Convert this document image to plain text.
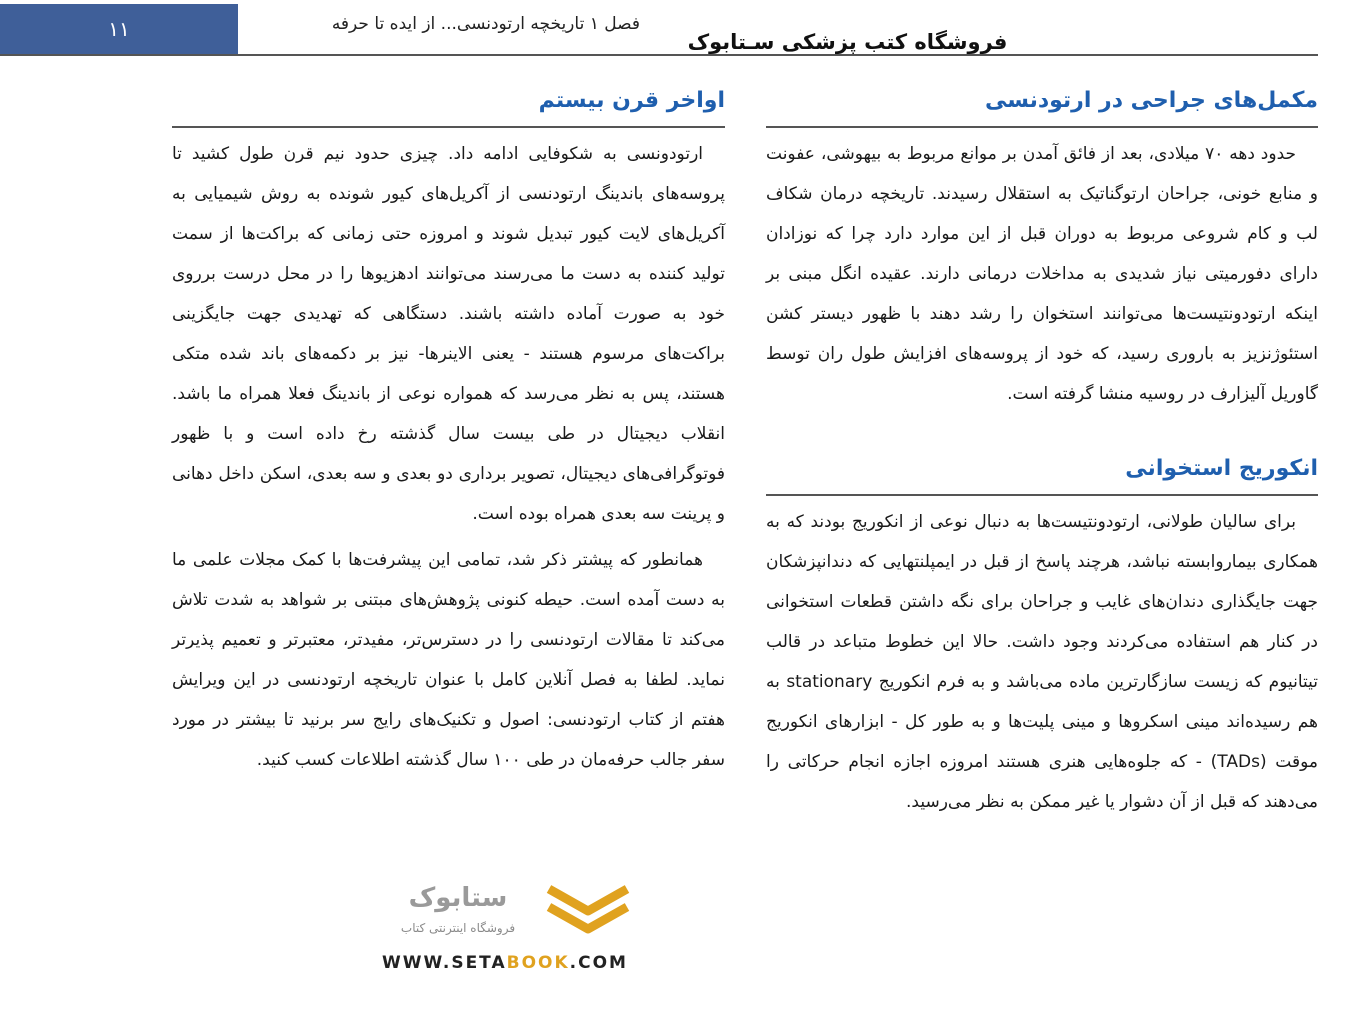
۱۱	فصل ۱ تاریخچه ارتودنسی... از ایده تا حرفه
فروشگاه کتب پزشکی سـتابوک
مکمل‌های جراحی در ارتودنسی

حدود دهه ۷۰ میلادی، بعد از فائق آمدن بر موانع مربوط به بیهوشی، عفونت و منابع خونی، جراحان ارتوگناتیک به استقلال رسیدند. تاریخچه درمان شکاف لب و کام شروعی مربوط به دوران قبل از این موارد دارد چرا که نوزادان دارای دفورمیتی نیاز شدیدی به مداخلات درمانی دارند. عقیده انگل مبنی بر اینکه ارتودونتیست‌ها می‌توانند استخوان را رشد دهند با ظهور دیستر کشن استئوژنزیز به باروری رسید، که خود از پروسه‌های افزایش طول ران توسط گاوریل آلیزارف در روسیه منشا گرفته است.

انکوریج استخوانی

برای سالیان طولانی، ارتودونتیست‌ها به دنبال نوعی از انکوریج بودند که به همکاری بیماروابسته نباشد، هرچند پاسخ از قبل در ایمپلنتهایی که دندانپزشکان جهت جایگذاری دندان‌های غایب و جراحان برای نگه داشتن قطعات استخوانی در کنار هم استفاده می‌کردند وجود داشت. حالا این خطوط متباعد در قالب تیتانیوم که زیست سازگارترین ماده می‌باشد و به فرم انکوریج stationary به هم رسیده‌اند مینی اسکروها و مینی پلیت‌ها و به طور کل - ابزارهای انکوریج موقت (TADs) - که جلوه‌هایی هنری هستند امروزه اجازه انجام حرکاتی را می‌دهند که قبل از آن دشوار یا غیر ممکن به نظر می‌رسید.

اواخر قرن بیستم

ارتودونسی به شکوفایی ادامه داد. چیزی حدود نیم قرن طول کشید تا پروسه‌های باندینگ ارتودنسی از آکریل‌های کیور شونده به روش شیمیایی به آکریل‌های لایت کیور تبدیل شوند و امروزه حتی زمانی که براکت‌ها از سمت تولید کننده به دست ما می‌رسند می‌توانند ادهزیوها را در محل درست برروی خود به صورت آماده داشته باشند. دستگاهی که تهدیدی جهت جایگزینی براکت‌های مرسوم هستند - یعنی الاینرها- نیز بر دکمه‌های باند شده متکی هستند، پس به نظر می‌رسد که همواره نوعی از باندینگ فعلا همراه ما باشد. انقلاب دیجیتال در طی بیست سال گذشته رخ داده است و با ظهور فوتوگرافی‌های دیجیتال، تصویر برداری دو بعدی و سه بعدی، اسکن داخل دهانی و پرینت سه بعدی همراه بوده است.

همانطور که پیشتر ذکر شد، تمامی این پیشرفت‌ها با کمک مجلات علمی ما به دست آمده است. حیطه کنونی پژوهش‌های مبتنی بر شواهد به شدت تلاش می‌کند تا مقالات ارتودنسی را در دسترس‌تر، مفیدتر، معتبرتر و تعمیم پذیرتر نماید. لطفا به فصل آنلاین کامل با عنوان تاریخچه ارتودنسی در این ویرایش هفتم از کتاب ارتودنسی: اصول و تکنیک‌های رایج سر برنید تا بیشتر در مورد سفر جالب حرفه‌مان در طی ۱۰۰ سال گذشته اطلاعات کسب کنید.

ستابوک
فروشگاه اینترنتی کتاب
WWW.SETABOOK.COM
